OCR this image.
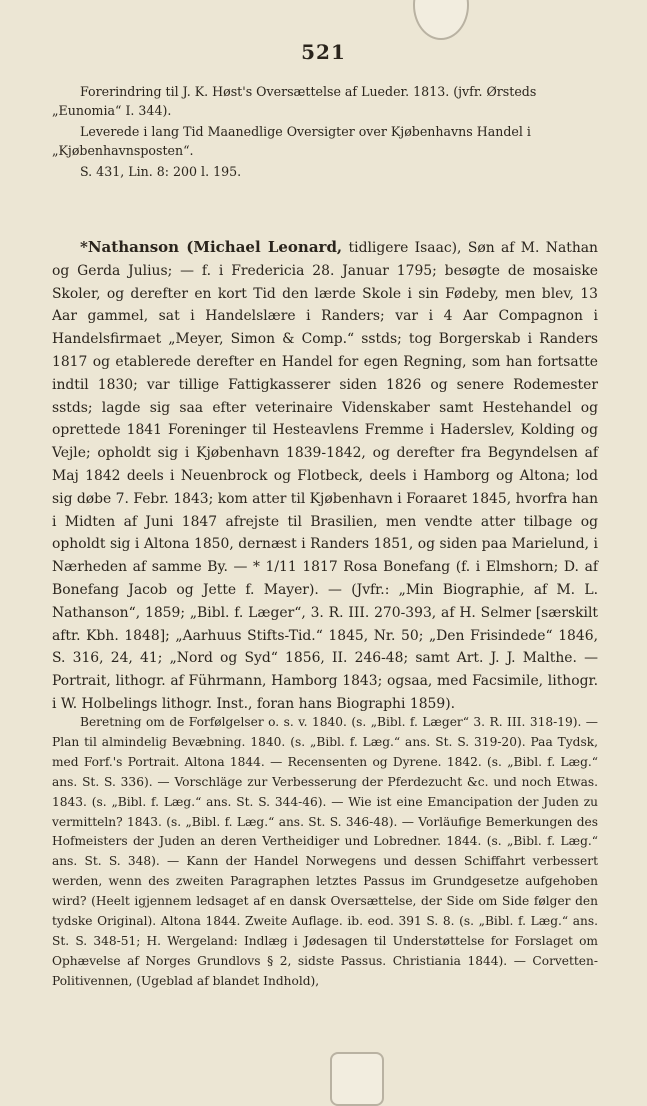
521

Forerindring til J. K. Høst's Oversættelse af Lueder. 1813. (jvfr. Ørsteds „Eunomia“ I. 344).

Leverede i lang Tid Maanedlige Oversigter over Kjøbenhavns Handel i „Kjøbenhavnsposten“.

S. 431, Lin. 8: 200 l. 195.

*Nathanson (Michael Leonard, tidligere Isaac), Søn af M. Nathan og Gerda Julius; — f. i Fredericia 28. Januar 1795; besøgte de mosaiske Skoler, og derefter en kort Tid den lærde Skole i sin Fødeby, men blev, 13 Aar gammel, sat i Handelslære i Randers; var i 4 Aar Compagnon i Handelsfirmaet „Meyer, Simon & Comp.“ sstds; tog Borgerskab i Randers 1817 og etablerede derefter en Handel for egen Regning, som han fortsatte indtil 1830; var tillige Fattigkasserer siden 1826 og senere Rodemester sstds; lagde sig saa efter veterinaire Videnskaber samt Hestehandel og oprettede 1841 Foreninger til Hesteavlens Fremme i Haderslev, Kolding og Vejle; opholdt sig i Kjøbenhavn 1839-1842, og derefter fra Begyndelsen af Maj 1842 deels i Neuenbrock og Flotbeck, deels i Hamborg og Altona; lod sig døbe 7. Febr. 1843; kom atter til Kjøbenhavn i Foraaret 1845, hvorfra han i Midten af Juni 1847 afrejste til Brasilien, men vendte atter tilbage og opholdt sig i Altona 1850, dernæst i Randers 1851, og siden paa Marielund, i Nærheden af samme By. — * 1/11 1817 Rosa Bonefang (f. i Elmshorn; D. af Bonefang Jacob og Jette f. Mayer). — (Jvfr.: „Min Biographie, af M. L. Nathanson“, 1859; „Bibl. f. Læger“, 3. R. III. 270-393, af H. Selmer [særskilt aftr. Kbh. 1848]; „Aarhuus Stifts-Tid.“ 1845, Nr. 50; „Den Frisindede“ 1846, S. 316, 24, 41; „Nord og Syd“ 1856, II. 246-48; samt Art. J. J. Malthe. — Portrait, lithogr. af Führmann, Hamborg 1843; ogsaa, med Facsimile, lithogr. i W. Holbelings lithogr. Inst., foran hans Biographi 1859).

Beretning om de Forfølgelser o. s. v. 1840. (s. „Bibl. f. Læger“ 3. R. III. 318-19). — Plan til almindelig Bevæbning. 1840. (s. „Bibl. f. Læg.“ ans. St. S. 319-20). Paa Tydsk, med Forf.'s Portrait. Altona 1844. — Recensenten og Dyrene. 1842. (s. „Bibl. f. Læg.“ ans. St. S. 336). — Vorschläge zur Verbesserung der Pferdezucht &c. und noch Etwas. 1843. (s. „Bibl. f. Læg.“ ans. St. S. 344-46). — Wie ist eine Emancipation der Juden zu vermitteln? 1843. (s. „Bibl. f. Læg.“ ans. St. S. 346-48). — Vorläufige Bemerkungen des Hofmeisters der Juden an deren Vertheidiger und Lobredner. 1844. (s. „Bibl. f. Læg.“ ans. St. S. 348). — Kann der Handel Norwegens und dessen Schiffahrt verbessert werden, wenn des zweiten Paragraphen letztes Passus im Grundgesetze aufgehoben wird? (Heelt igjennem ledsaget af en dansk Oversættelse, der Side om Side følger den tydske Original). Altona 1844. Zweite Auflage. ib. eod. 391 S. 8. (s. „Bibl. f. Læg.“ ans. St. S. 348-51; H. Wergeland: Indlæg i Jødesagen til Understøttelse for Forslaget om Ophævelse af Norges Grundlovs § 2, sidste Passus. Christiania 1844). — Corvetten-Politivennen, (Ugeblad af blandet Indhold),
